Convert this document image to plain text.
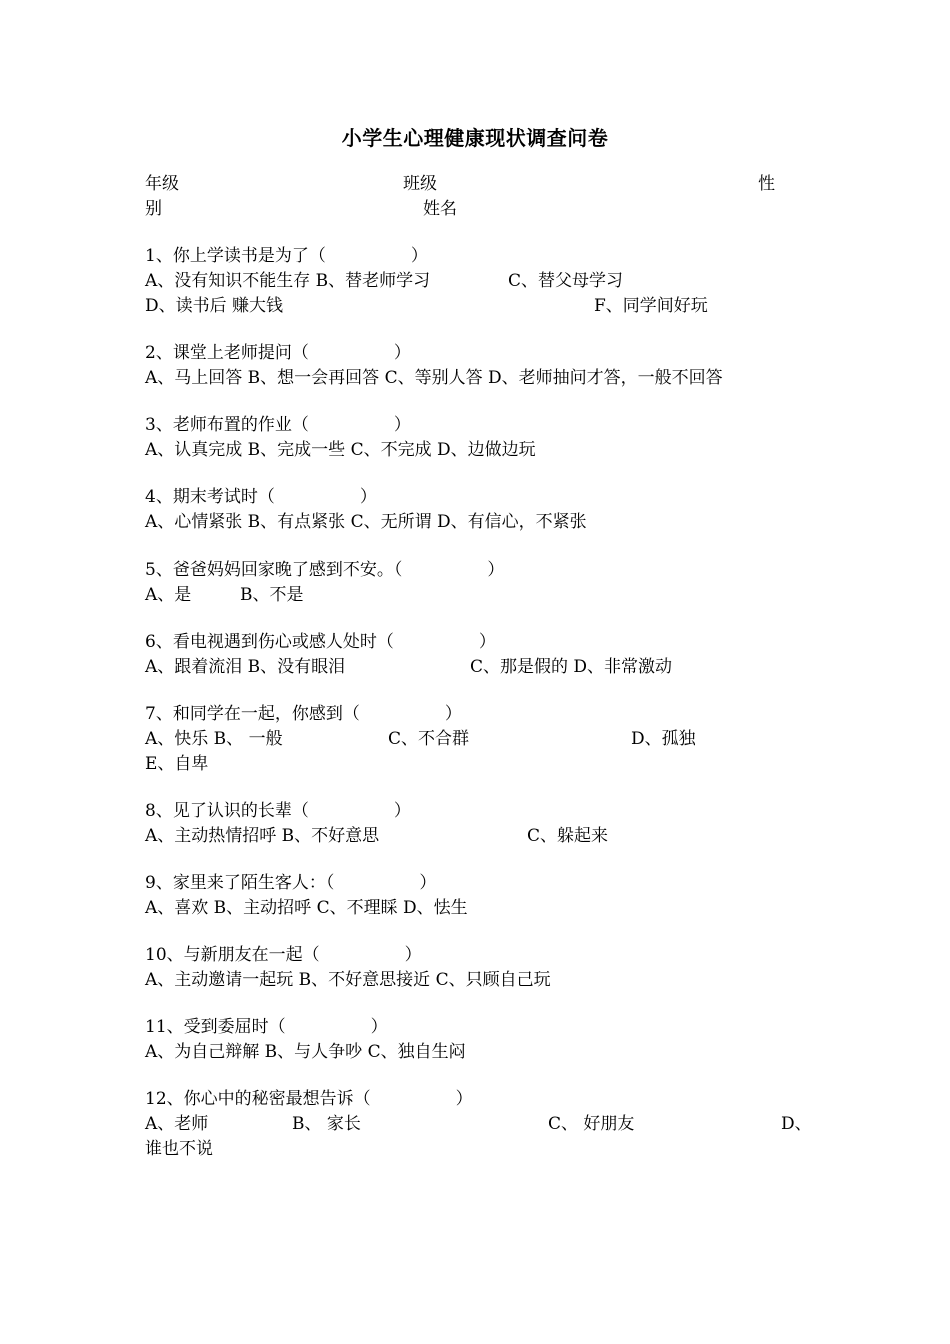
小学生心理健康现状调查问卷
年级	班级	性
别	姓名
1、你上学读书是为了（　　　　　）
A、没有知识不能生存 B、替老师学习	C、替父母学习
D、读书后 赚大钱	F、同学间好玩
2、课堂上老师提问（　　　　　）
A、马上回答 B、想一会再回答 C、等别人答 D、老师抽问才答，一般不回答
3、老师布置的作业（　　　　　）
A、认真完成 B、完成一些 C、不完成 D、边做边玩
4、期末考试时（　　　　　）
A、心情紧张 B、有点紧张 C、无所谓 D、有信心，不紧张
5、爸爸妈妈回家晚了感到不安。（　　　　　）
A、是	B、不是
6、看电视遇到伤心或感人处时（　　　　　）
A、跟着流泪 B、没有眼泪	C、那是假的 D、非常激动
7、和同学在一起，你感到（　　　　　）
A、快乐 B、 一般	C、不合群	D、孤独
E、自卑
8、见了认识的长辈（　　　　　）
A、主动热情招呼 B、不好意思	C、躲起来
9、家里来了陌生客人：（　　　　　）
A、喜欢 B、主动招呼 C、不理睬 D、怯生
10、与新朋友在一起（　　　　　）
A、主动邀请一起玩 B、不好意思接近 C、只顾自己玩
11、受到委屈时（　　　　　）
A、为自己辩解 B、与人争吵 C、独自生闷
12、你心中的秘密最想告诉（　　　　　）
A、老师	B、 家长	C、 好朋友	D、
谁也不说
